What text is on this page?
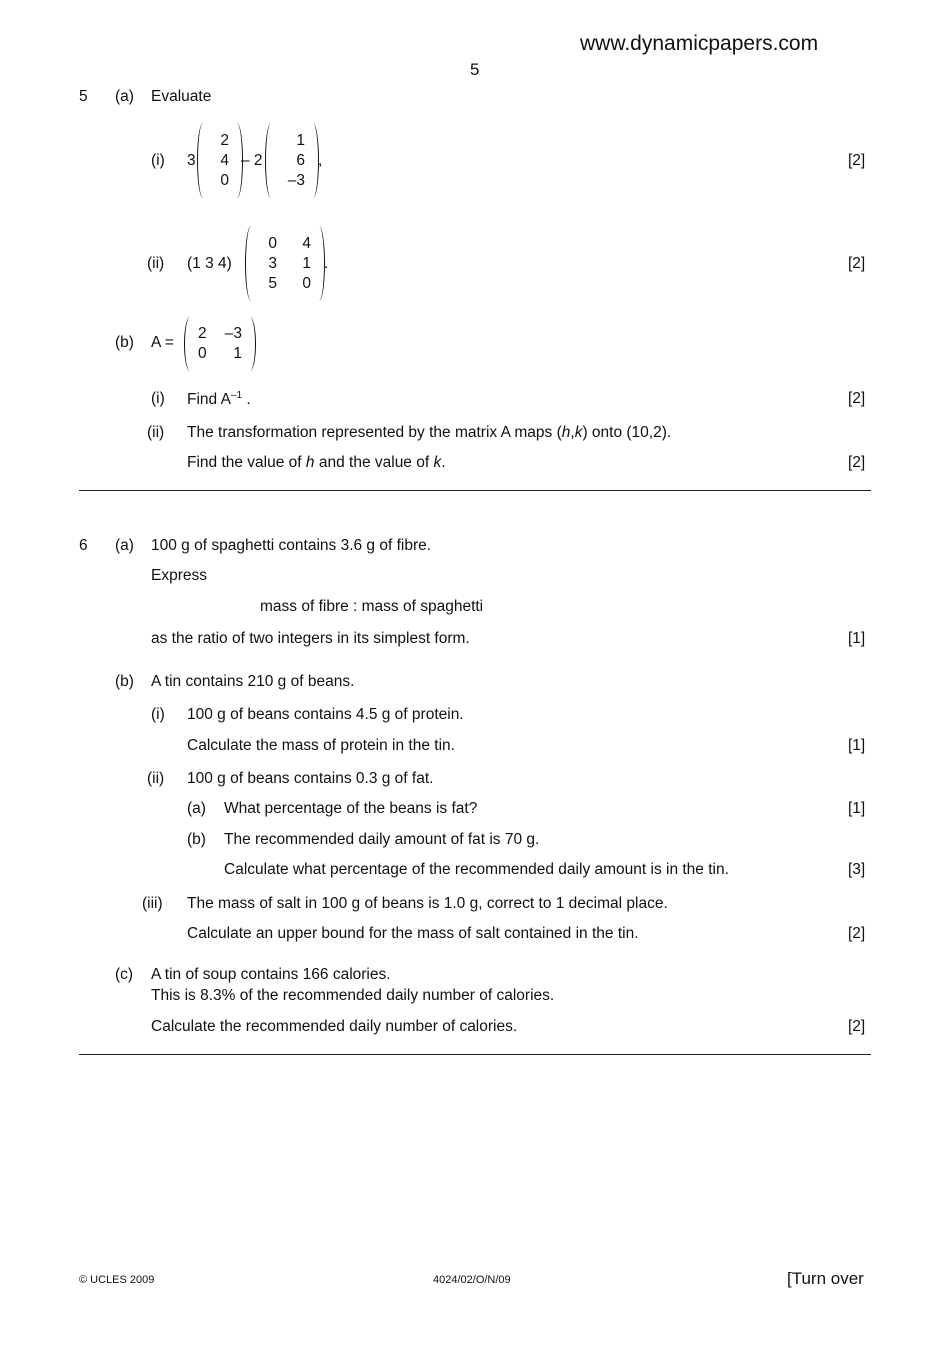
www.dynamicpapers.com
5
5 (a) Evaluate
(i) 3
2
4
0
– 2
1
6
–3
,	[2]
(ii) (1 3 4)
0	4
3	1
5	0
.	[2]
(b) A =
2	–3
0	1
(i) Find $A^{-1}$ .	[2]
(ii) The transformation represented by the matrix A maps (h,k) onto (10,2).
Find the value of h and the value of k.	[2]
6 (a) 100 g of spaghetti contains 3.6 g of fibre.
Express
mass of fibre : mass of spaghetti
as the ratio of two integers in its simplest form.	[1]
(b) A tin contains 210 g of beans.
(i) 100 g of beans contains 4.5 g of protein.
Calculate the mass of protein in the tin.	[1]
(ii) 100 g of beans contains 0.3 g of fat.
(a) What percentage of the beans is fat?	[1]
(b) The recommended daily amount of fat is 70 g.
Calculate what percentage of the recommended daily amount is in the tin.	[3]
(iii) The mass of salt in 100 g of beans is 1.0 g, correct to 1 decimal place.
Calculate an upper bound for the mass of salt contained in the tin.	[2]
(c) A tin of soup contains 166 calories.
This is 8.3% of the recommended daily number of calories.
Calculate the recommended daily number of calories.	[2]
© UCLES 2009	4024/02/O/N/09	[Turn over
